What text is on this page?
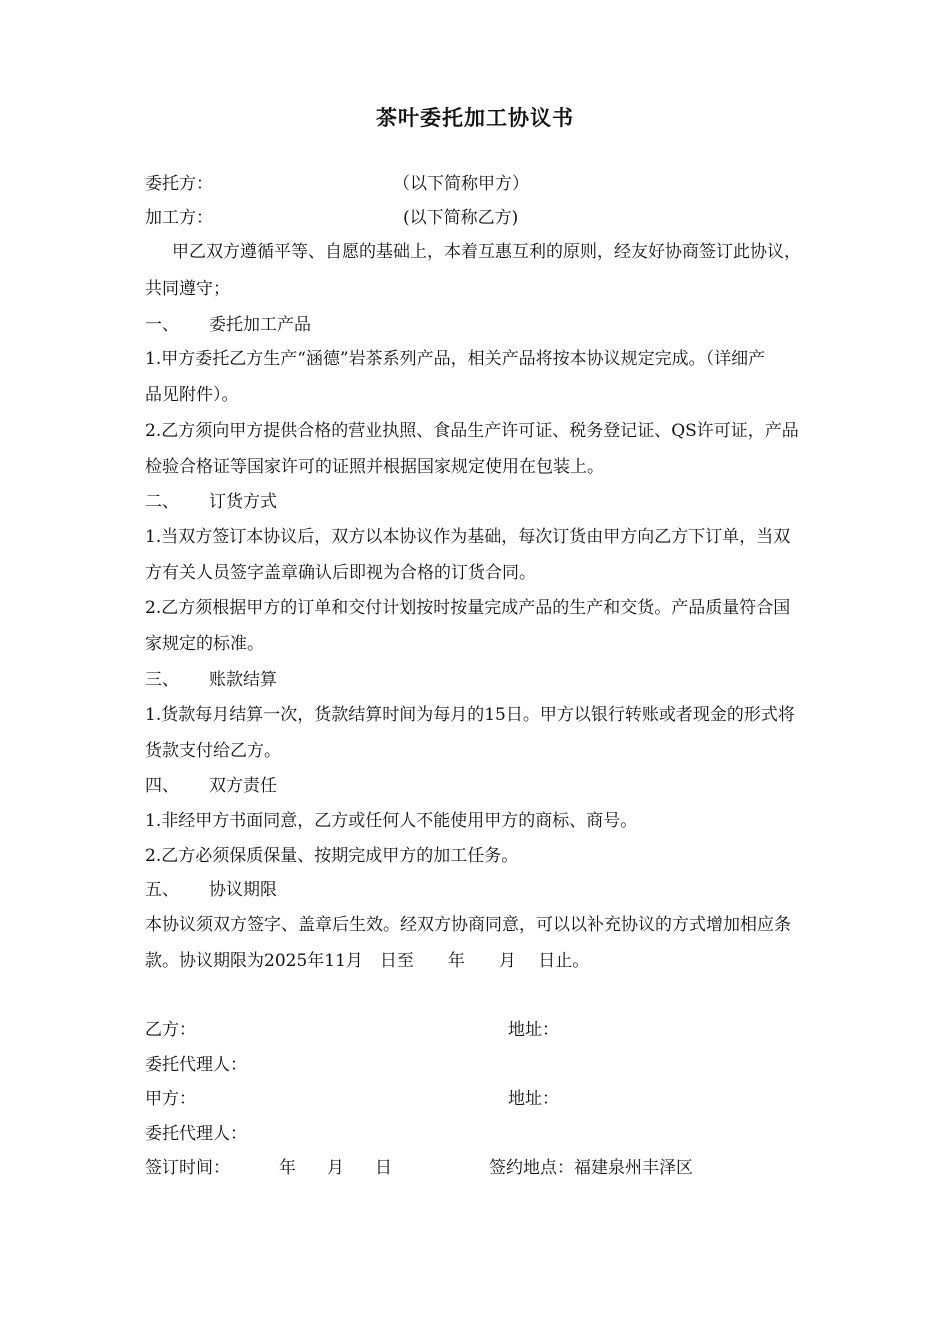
茶叶委托加工协议书
委托方：	（以下简称甲方）
加工方：	(以下简称乙方)
甲乙双方遵循平等、自愿的基础上，本着互惠互利的原则，经友好协商签订此协议，
共同遵守；
一、 委托加工产品
1.甲方委托乙方生产“涵德”岩茶系列产品，相关产品将按本协议规定完成。（详细产
品见附件）。
2.乙方须向甲方提供合格的营业执照、食品生产许可证、税务登记证、QS许可证，产品
检验合格证等国家许可的证照并根据国家规定使用在包装上。
二、 订货方式
1.当双方签订本协议后，双方以本协议作为基础，每次订货由甲方向乙方下订单，当双
方有关人员签字盖章确认后即视为合格的订货合同。
2.乙方须根据甲方的订单和交付计划按时按量完成产品的生产和交货。产品质量符合国
家规定的标准。
三、 账款结算
1.货款每月结算一次，货款结算时间为每月的15日。甲方以银行转账或者现金的形式将
货款支付给乙方。
四、 双方责任
1.非经甲方书面同意，乙方或任何人不能使用甲方的商标、商号。
2.乙方必须保质保量、按期完成甲方的加工任务。
五、 协议期限
本协议须双方签字、盖章后生效。经双方协商同意，可以以补充协议的方式增加相应条
款。协议期限为2025年11月　日至　　年　　月　 日止。
乙方：	地址：
委托代理人：
甲方：	地址：
委托代理人：
签订时间：	年 月 日	签约地点：福建泉州丰泽区
